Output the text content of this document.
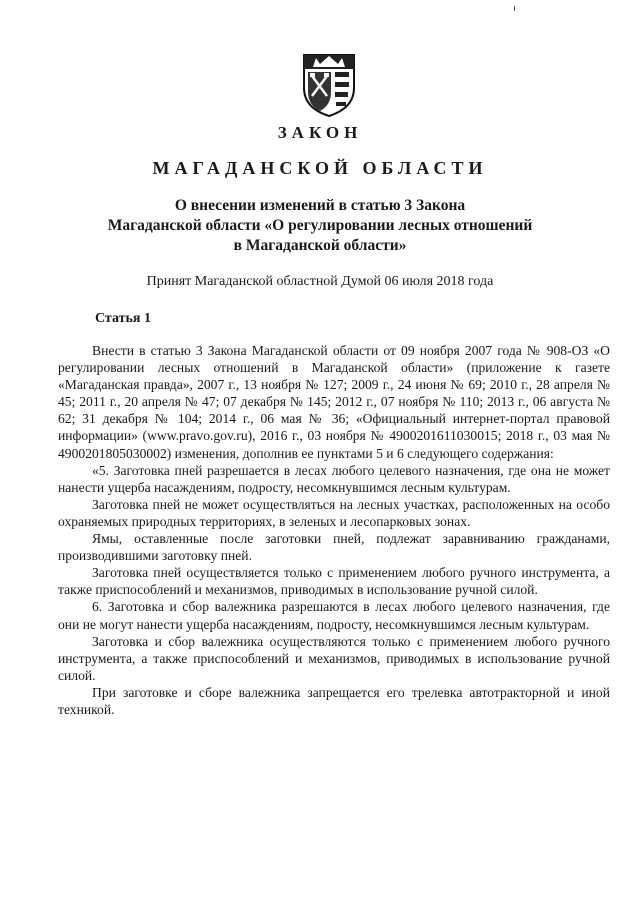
ЗАКОН
МАГАДАНСКОЙ ОБЛАСТИ
О внесении изменений в статью 3 Закона
Магаданской области «О регулировании лесных отношений
в Магаданской области»
Принят Магаданской областной Думой 06 июля 2018 года
Статья 1

Внести в статью 3 Закона Магаданской области от 09 ноября 2007 года № 908-ОЗ «О регулировании лесных отношений в Магаданской области» (приложение к газете «Магаданская правда», 2007 г., 13 ноября № 127; 2009 г., 24 июня № 69; 2010 г., 28 апреля № 45; 2011 г., 20 апреля № 47; 07 декабря № 145; 2012 г., 07 ноября № 110; 2013 г., 06 августа № 62; 31 декабря № 104; 2014 г., 06 мая № 36; «Официальный интернет-портал правовой информации» (www.pravo.gov.ru), 2016 г., 03 ноября № 4900201611030015; 2018 г., 03 мая № 4900201805030002) изменения, дополнив ее пунктами 5 и 6 следующего содержания:

«5. Заготовка пней разрешается в лесах любого целевого назначения, где она не может нанести ущерба насаждениям, подросту, несомкнувшимся лесным культурам.

Заготовка пней не может осуществляться на лесных участках, расположенных на особо охраняемых природных территориях, в зеленых и лесопарковых зонах.

Ямы, оставленные после заготовки пней, подлежат заравниванию гражданами, производившими заготовку пней.

Заготовка пней осуществляется только с применением любого ручного инструмента, а также приспособлений и механизмов, приводимых в использование ручной силой.

6. Заготовка и сбор валежника разрешаются в лесах любого целевого назначения, где они не могут нанести ущерба насаждениям, подросту, несомкнувшимся лесным культурам.

Заготовка и сбор валежника осуществляются только с применением любого ручного инструмента, а также приспособлений и механизмов, приводимых в использование ручной силой.

При заготовке и сборе валежника запрещается его трелевка автотракторной и иной техникой.
